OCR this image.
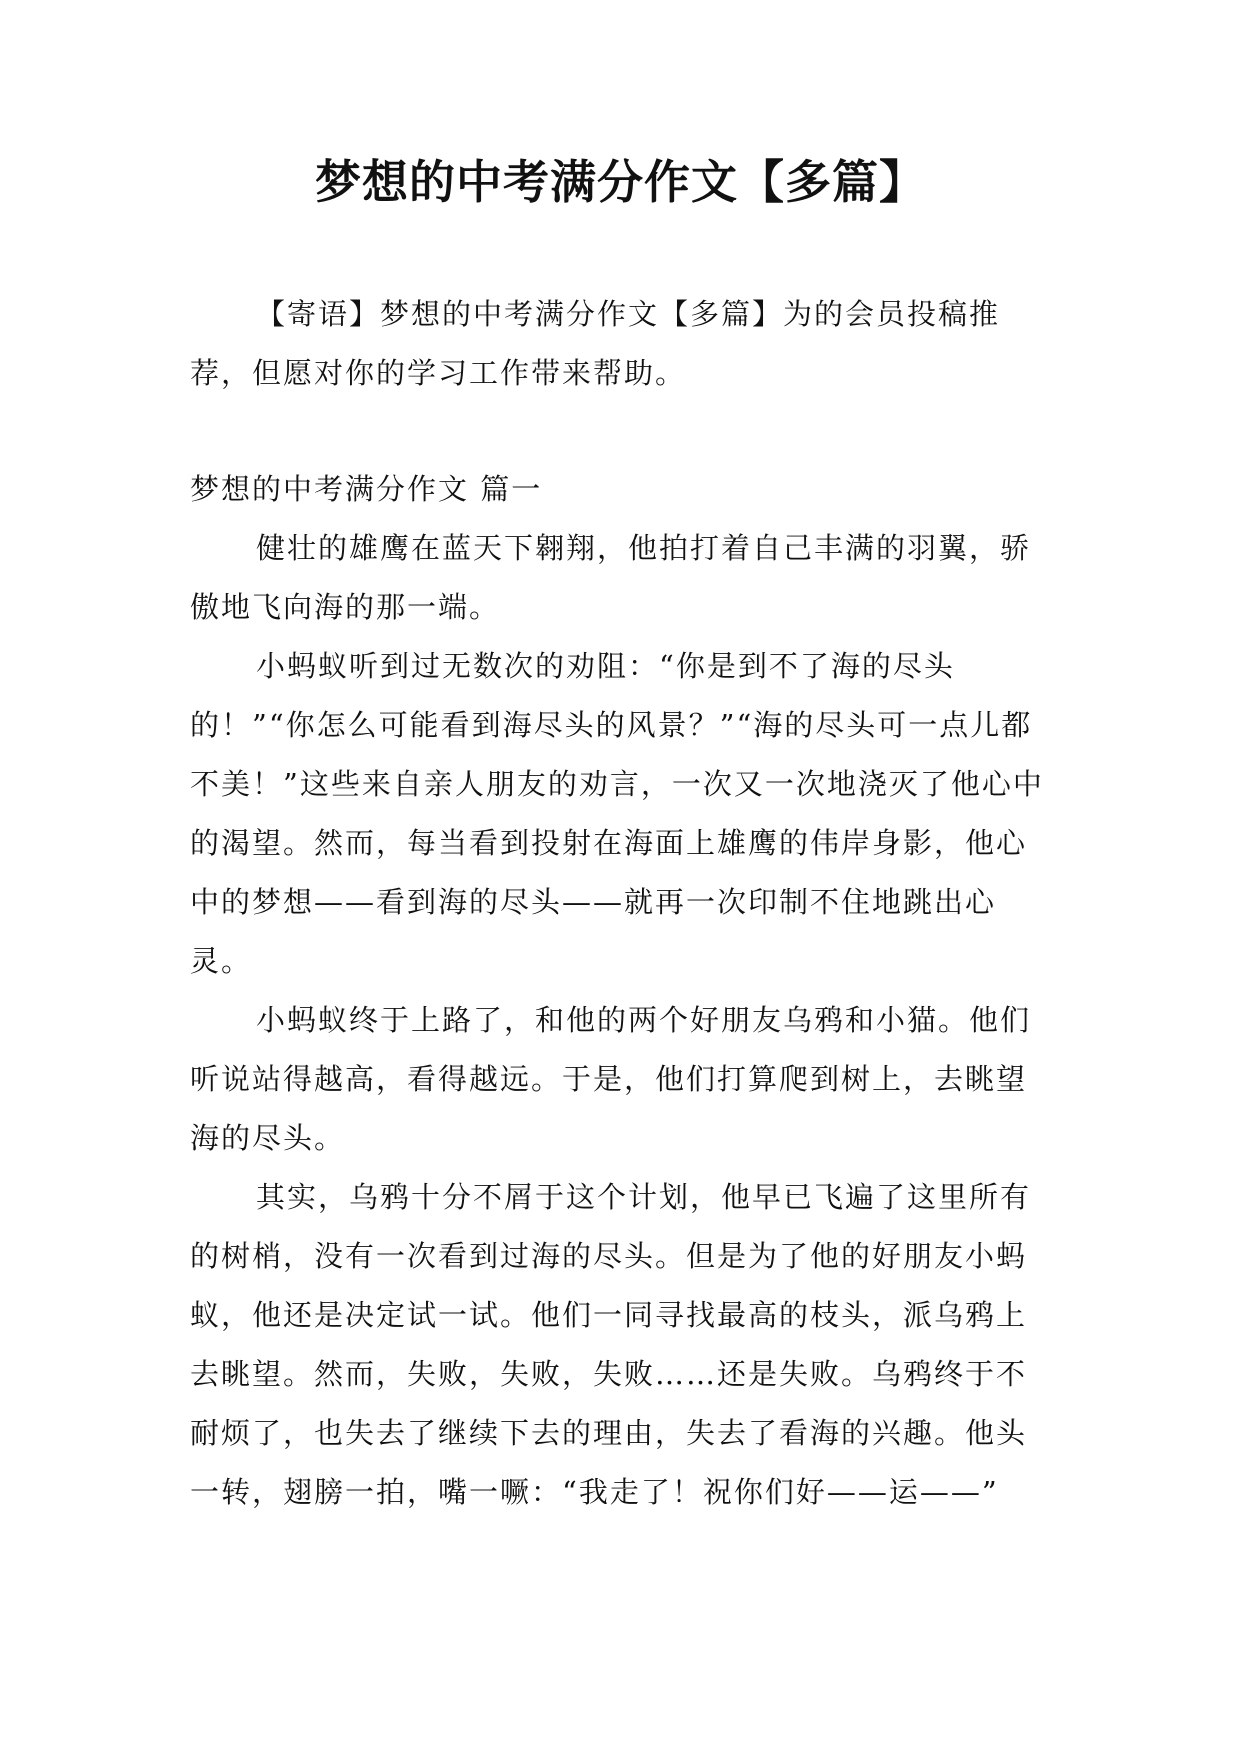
梦想的中考满分作文【多篇】

【寄语】梦想的中考满分作文【多篇】为的会员投稿推荐，但愿对你的学习工作带来帮助。

梦想的中考满分作文 篇一

健壮的雄鹰在蓝天下翱翔，他拍打着自己丰满的羽翼，骄傲地飞向海的那一端。

小蚂蚁听到过无数次的劝阻：“你是到不了海的尽头的！”“你怎么可能看到海尽头的风景？”“海的尽头可一点儿都不美！”这些来自亲人朋友的劝言，一次又一次地浇灭了他心中的渴望。然而，每当看到投射在海面上雄鹰的伟岸身影，他心中的梦想——看到海的尽头——就再一次印制不住地跳出心灵。

小蚂蚁终于上路了，和他的两个好朋友乌鸦和小猫。他们听说站得越高，看得越远。于是，他们打算爬到树上，去眺望海的尽头。

其实，乌鸦十分不屑于这个计划，他早已飞遍了这里所有的树梢，没有一次看到过海的尽头。但是为了他的好朋友小蚂蚁，他还是决定试一试。他们一同寻找最高的枝头，派乌鸦上去眺望。然而，失败，失败，失败……还是失败。乌鸦终于不耐烦了，也失去了继续下去的理由，失去了看海的兴趣。他头一转，翅膀一拍，嘴一噘：“我走了！祝你们好——运——”
